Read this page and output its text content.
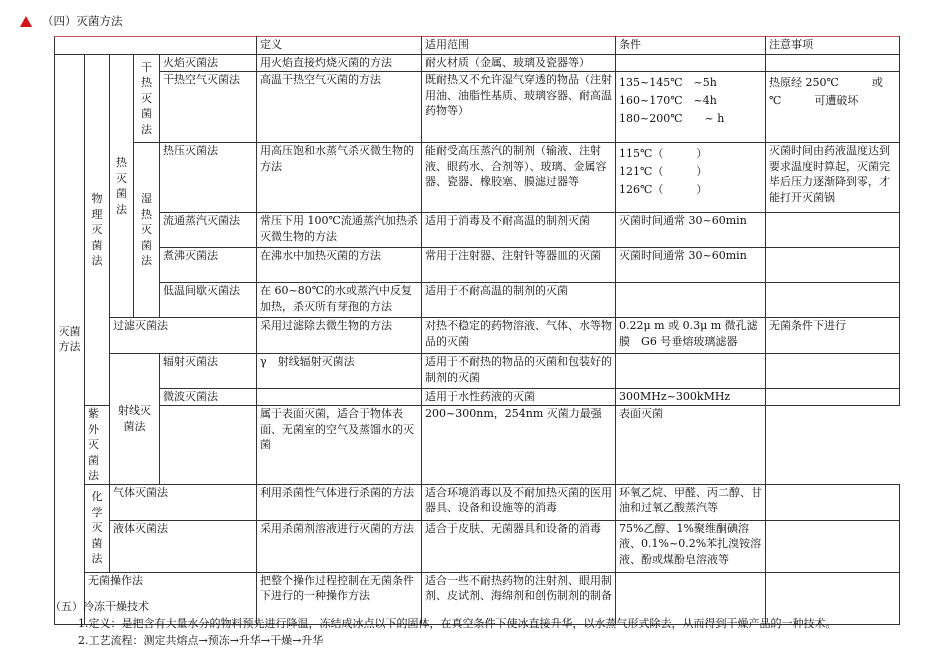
（四）灭菌方法
					定义	适用范围	条件	注意事项
灭菌方法	物理灭菌法	热灭菌法	干热灭菌法	火焰灭菌法	用火焰直接灼烧灭菌的方法	耐火材质（金属、玻璃及瓷器等）		
				干热空气灭菌法	高温干热空气灭菌的方法	既耐热又不允许湿气穿透的物品（注射用油、油脂性基质、玻璃容器、耐高温药物等）	135~145℃　~5h
160~170℃　~4h
180~200℃　　~ h	热原经 250℃　　　或　　℃　　　可遭破坏
			湿热灭菌法	热压灭菌法	用高压饱和水蒸气杀灭微生物的方法	能耐受高压蒸汽的制剂（输液、注射液、眼药水、合剂等）、玻璃、金属容器、瓷器、橡胶塞、膜滤过器等	115℃（　　　）
121℃（　　　）
126℃（　　　）	灭菌时间由药液温度达到要求温度时算起，灭菌完毕后压力逐渐降到零，才能打开灭菌锅
				流通蒸汽灭菌法	常压下用 100℃流通蒸汽加热杀灭微生物的方法	适用于消毒及不耐高温的制剂灭菌	灭菌时间通常 30~60min	
				煮沸灭菌法	在沸水中加热灭菌的方法	常用于注射器、注射针等器皿的灭菌	灭菌时间通常 30~60min	
				低温间歇灭菌法	在 60~80℃的水或蒸汽中反复加热，杀灭所有芽孢的方法	适用于不耐高温的制剂的灭菌		
		过滤灭菌法			采用过滤除去微生物的方法	对热不稳定的药物溶液、气体、水等物品的灭菌	0.22μ m 或 0.3μ m 微孔滤膜　G6 号垂熔玻璃滤器	无菌条件下进行
		射线灭菌法		辐射灭菌法	γ　射线辐射灭菌法	适用于不耐热的物品的灭菌和包装好的制剂的灭菌		
				微波灭菌法		适用于水性药液的灭菌	300MHz~300kMHz	
	紫外灭菌法				属于表面灭菌，适合于物体表面、无菌室的空气及蒸馏水的灭菌	200~300nm，254nm 灭菌力最强	表面灭菌	
	化学灭菌法	气体灭菌法			利用杀菌性气体进行杀菌的方法	适合环境消毒以及不耐加热灭菌的医用器具、设备和设施等的消毒	环氧乙烷、甲醛、丙二醇、甘油和过氧乙酸蒸汽等	
		液体灭菌法			采用杀菌剂溶液进行灭菌的方法	适合于皮肤、无菌器具和设备的消毒	75%乙醇、1%聚维酮碘溶液、0.1%~0.2%苯扎溴铵溶液、酚或煤酚皂溶液等	
	无菌操作法				把整个操作过程控制在无菌条件下进行的一种操作方法	适合一些不耐热药物的注射剂、眼用制剂、皮试剂、海绵剂和创伤制剂的制备		
（五）冷冻干燥技术
1.定义：是把含有大量水分的物料预先进行降温，冻结成冰点以下的固体，在真空条件下使冰直接升华，以水蒸气形式除去，从而得到干燥产品的一种技术。
2.工艺流程：测定共熔点→预冻→升华→干燥→升华
